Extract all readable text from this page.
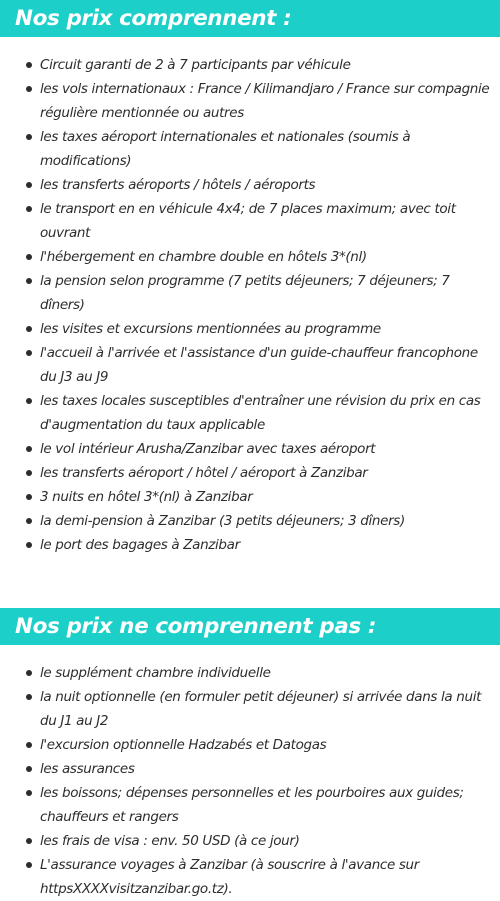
Nos prix comprennent :
Circuit garanti de 2 à 7 participants par véhicule
les vols internationaux : France / Kilimandjaro / France sur compagnie régulière mentionnée ou autres
les taxes aéroport internationales et nationales (soumis à modifications)
les transferts aéroports / hôtels / aéroports
le transport en en véhicule 4x4; de 7 places maximum; avec toit ouvrant
l'hébergement en chambre double en hôtels 3*(nl)
la pension selon programme (7 petits déjeuners; 7 déjeuners; 7 dîners)
les visites et excursions mentionnées au programme
l'accueil à l'arrivée et l'assistance d'un guide-chauffeur francophone du J3 au J9
les taxes locales susceptibles d'entraîner une révision du prix en cas d'augmentation du taux applicable
le vol intérieur Arusha/Zanzibar avec taxes aéroport
les transferts aéroport / hôtel / aéroport à Zanzibar
3 nuits en hôtel 3*(nl) à Zanzibar
la demi-pension à Zanzibar (3 petits déjeuners; 3 dîners)
le port des bagages à Zanzibar
Nos prix ne comprennent pas :
le supplément chambre individuelle
la nuit optionnelle (en formuler petit déjeuner) si arrivée dans la nuit du J1 au J2
l'excursion optionnelle Hadzabés et Datogas
les assurances
les boissons; dépenses personnelles et les pourboires aux guides; chauffeurs et rangers
les frais de visa : env. 50 USD (à ce jour)
L'assurance voyages à Zanzibar (à souscrire à l'avance sur httpsXXXXvisitzanzibar.go.tz).
